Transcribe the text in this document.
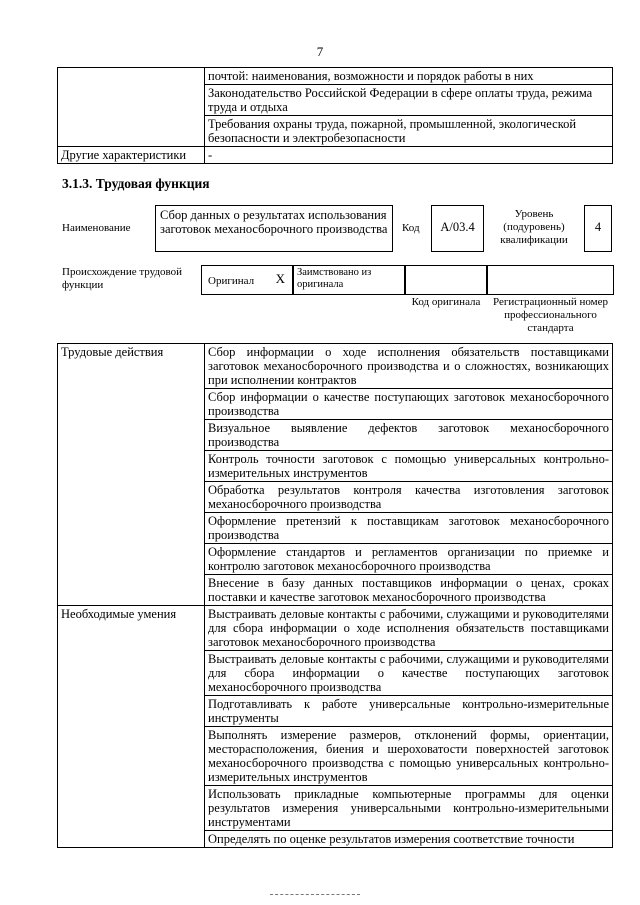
7
	почтой: наименования, возможности и порядок работы в них
	Законодательство Российской Федерации в сфере оплаты труда, режима труда и отдыха
	Требования охраны труда, пожарной, промышленной, экологической безопасности и электробезопасности
Другие характеристики	-
3.1.3. Трудовая функция
Наименование
Сбор данных о результатах использования заготовок механосборочного производства	Код	A/03.4
Уровень (подуровень) квалификации
4
Происхождение трудовой функции	Оригинал X	Заимствовано из оригинала
Код оригинала	Регистрационный номер профессионального стандарта
Трудовые действия	Сбор информации о ходе исполнения обязательств поставщиками заготовок механосборочного производства и о сложностях, возникающих при исполнении контрактов
	Сбор информации о качестве поступающих заготовок механосборочного производства
	Визуальное выявление дефектов заготовок механосборочного производства
	Контроль точности заготовок с помощью универсальных контрольно-измерительных инструментов
	Обработка результатов контроля качества изготовления заготовок механосборочного производства
	Оформление претензий к поставщикам заготовок механосборочного производства
	Оформление стандартов и регламентов организации по приемке и контролю заготовок механосборочного производства
	Внесение в базу данных поставщиков информации о ценах, сроках поставки и качестве заготовок механосборочного производства
Необходимые умения	Выстраивать деловые контакты с рабочими, служащими и руководителями для сбора информации о ходе исполнения обязательств поставщиками заготовок механосборочного производства
	Выстраивать деловые контакты с рабочими, служащими и руководителями для сбора информации о качестве поступающих заготовок механосборочного производства
	Подготавливать к работе универсальные контрольно-измерительные инструменты
	Выполнять измерение размеров, отклонений формы, ориентации, месторасположения, биения и шероховатости поверхностей заготовок механосборочного производства с помощью универсальных контрольно-измерительных инструментов
	Использовать прикладные компьютерные программы для оценки результатов измерения универсальными контрольно-измерительными инструментами
	Определять по оценке результатов измерения соответствие точности
